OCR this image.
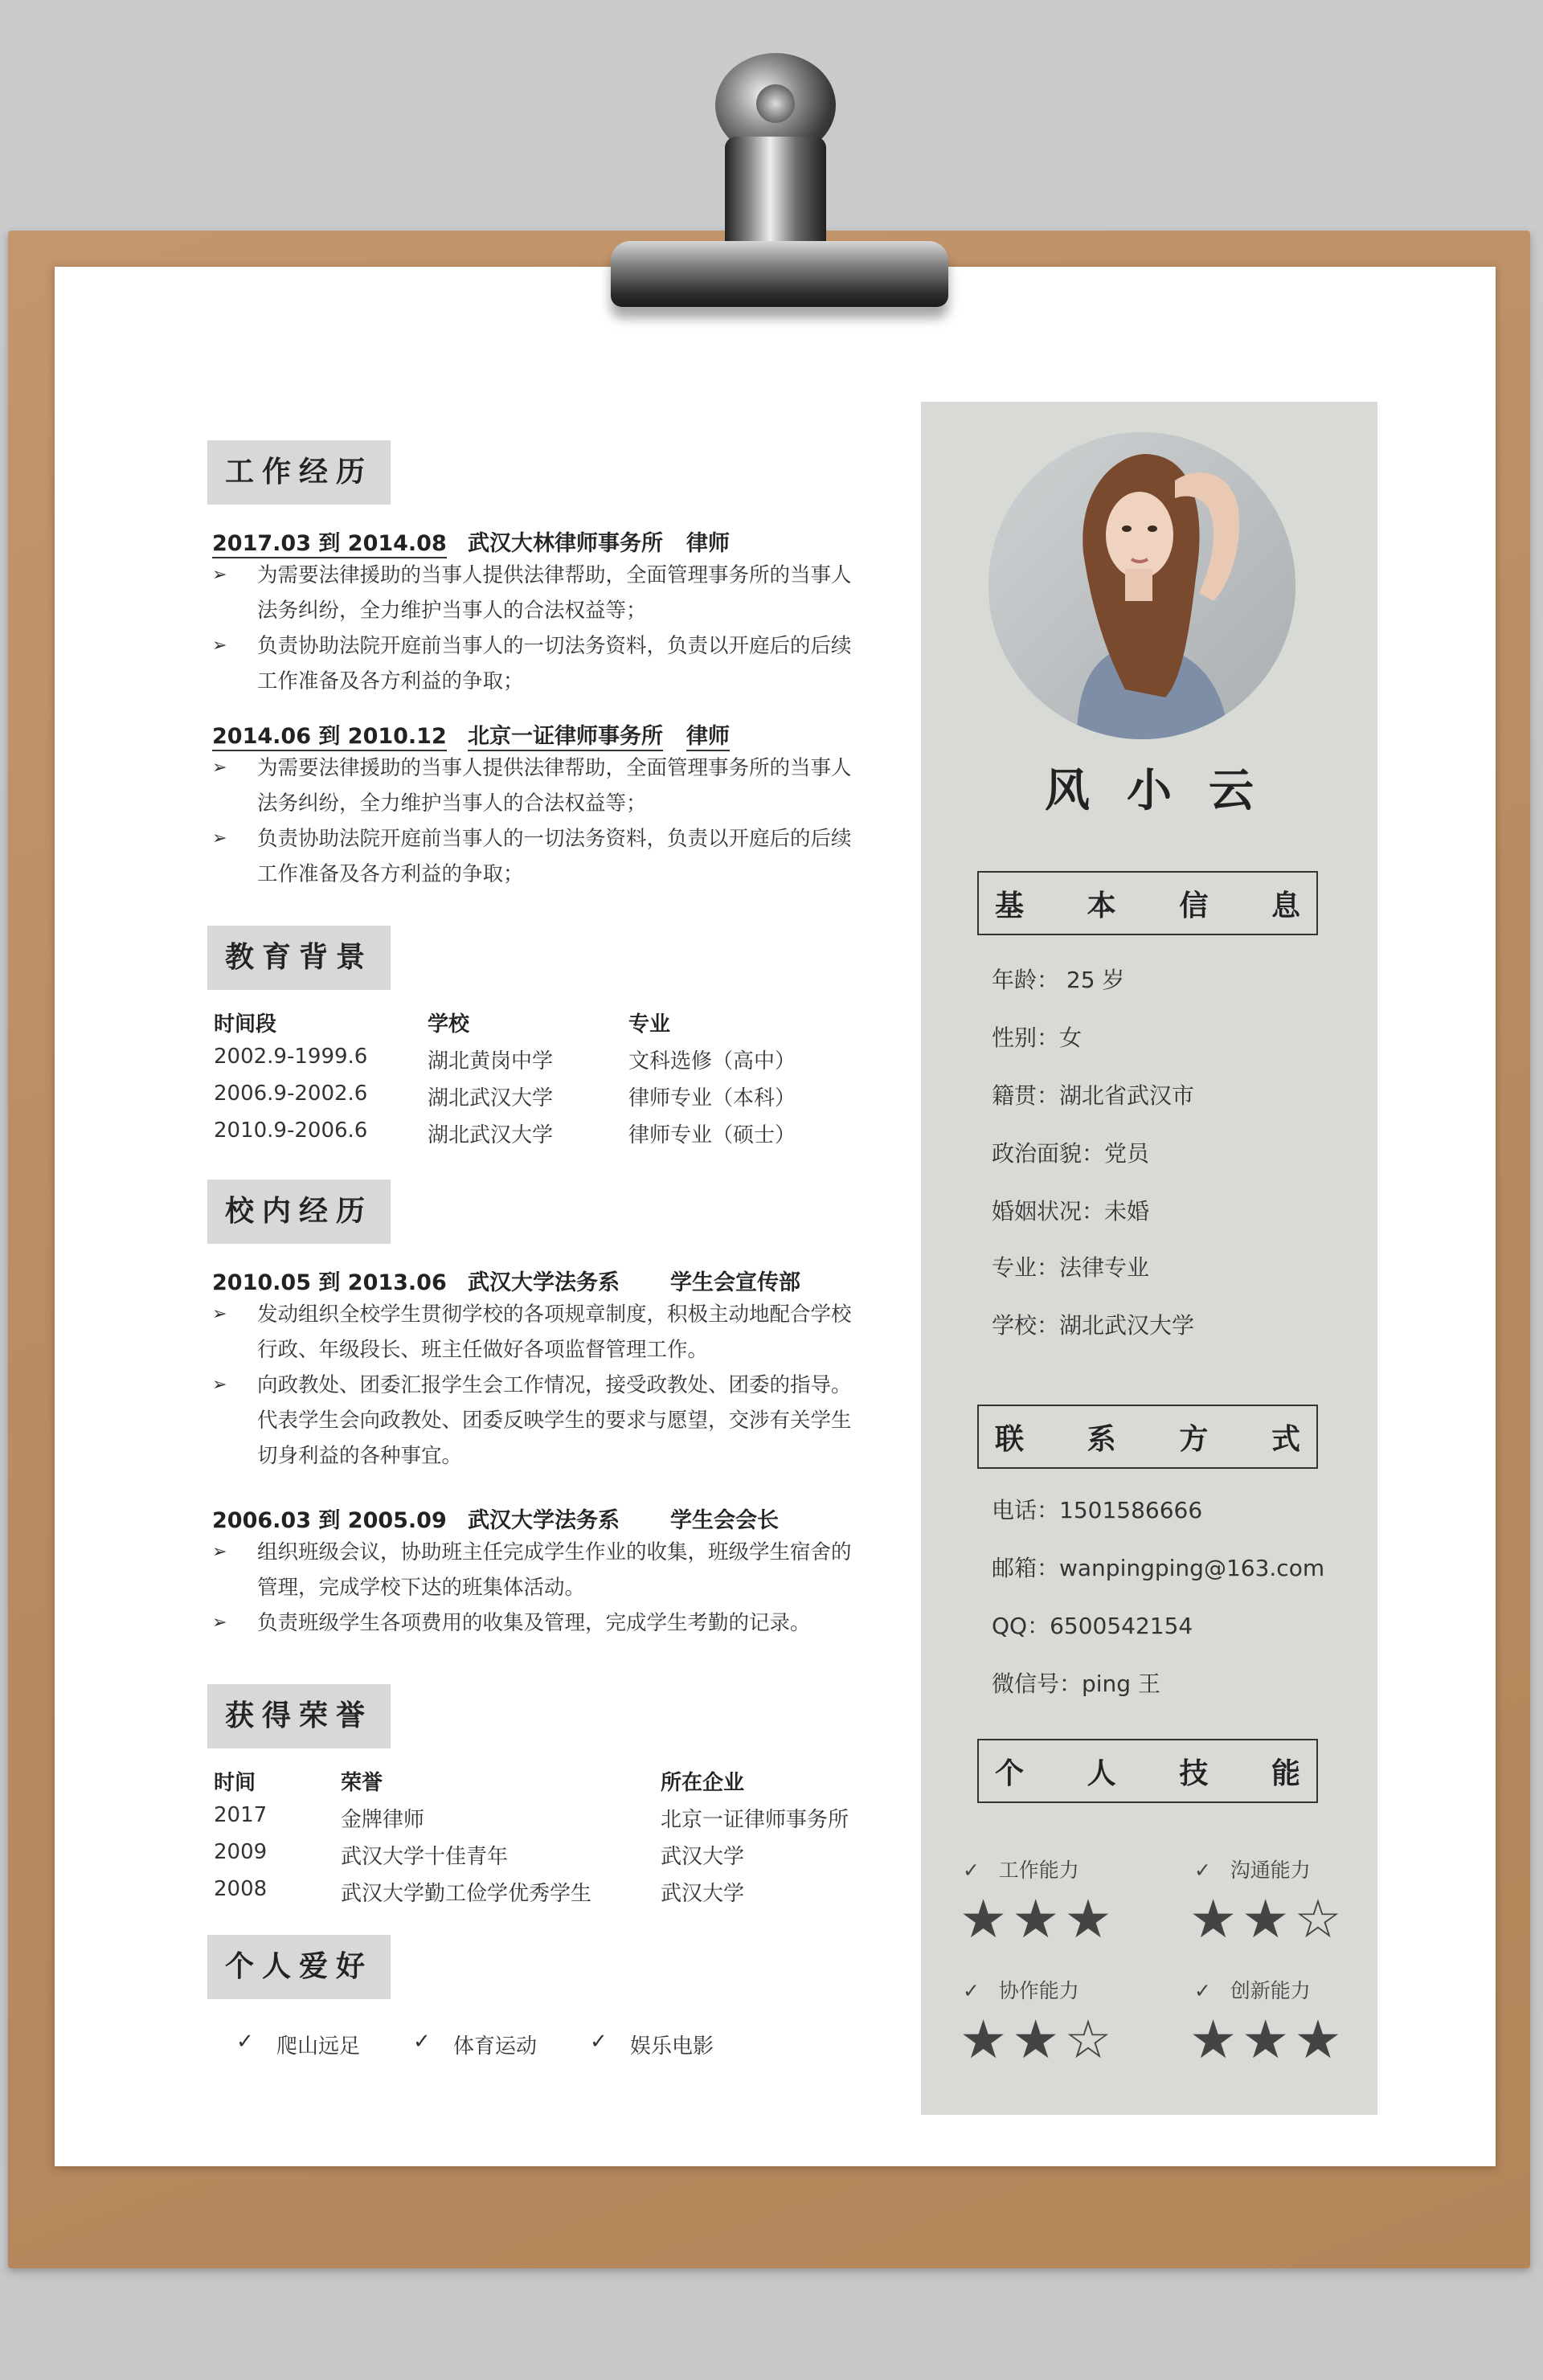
工作经历
2017.03 到 2014.08 武汉大林律师事务所 律师
➢ 为需要法律援助的当事人提供法律帮助，全面管理事务所的当事人法务纠纷，全力维护当事人的合法权益等；
➢ 负责协助法院开庭前当事人的一切法务资料，负责以开庭后的后续工作准备及各方利益的争取；
2014.06 到 2010.12 北京一证律师事务所 律师
➢ 为需要法律援助的当事人提供法律帮助，全面管理事务所的当事人法务纠纷，全力维护当事人的合法权益等；
➢ 负责协助法院开庭前当事人的一切法务资料，负责以开庭后的后续工作准备及各方利益的争取；
教育背景
时间段	学校	专业
2002.9-1999.6	湖北黄岗中学	文科选修（高中）
2006.9-2002.6	湖北武汉大学	律师专业（本科）
2010.9-2006.6	湖北武汉大学	律师专业（硕士）
校内经历
2010.05 到 2013.06 武汉大学法务系 学生会宣传部
➢ 发动组织全校学生贯彻学校的各项规章制度，积极主动地配合学校行政、年级段长、班主任做好各项监督管理工作。
➢ 向政教处、团委汇报学生会工作情况，接受政教处、团委的指导。代表学生会向政教处、团委反映学生的要求与愿望，交涉有关学生切身利益的各种事宜。
2006.03 到 2005.09 武汉大学法务系 学生会会长
➢ 组织班级会议，协助班主任完成学生作业的收集，班级学生宿舍的管理，完成学校下达的班集体活动。
➢ 负责班级学生各项费用的收集及管理，完成学生考勤的记录。
获得荣誉
时间	荣誉	所在企业
2017	金牌律师	北京一证律师事务所
2009	武汉大学十佳青年	武汉大学
2008	武汉大学勤工俭学优秀学生	武汉大学
个人爱好
✓ 爬山远足	✓ 体育运动	✓ 娱乐电影
风小云
基 本 信 息
年龄： 25 岁
性别：女
籍贯：湖北省武汉市
政治面貌：党员
婚姻状况：未婚
专业：法律专业
学校：湖北武汉大学
联 系 方 式
电话：1501586666
邮箱：wanpingping@163.com
QQ：6500542154
微信号：ping 王
个 人 技 能
✓ 工作能力
★★★
✓ 沟通能力
★★☆
✓ 协作能力
★★☆
✓ 创新能力
★★★
